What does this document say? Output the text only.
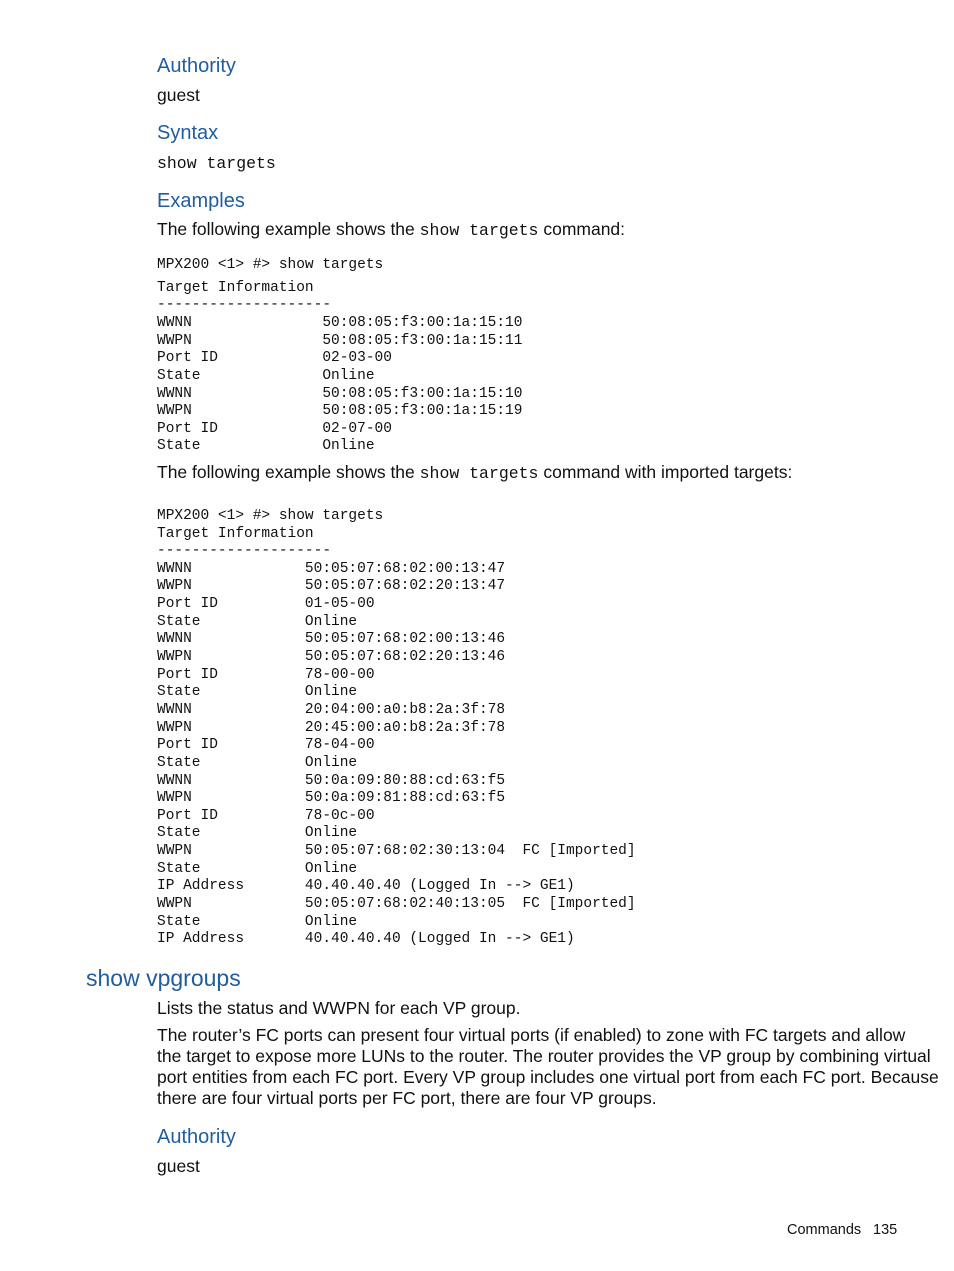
Authority
guest
Syntax
show targets
Examples
The following example shows the show targets command:
MPX200 <1> #> show targets
Target Information
--------------------
WWNN               50:08:05:f3:00:1a:15:10
WWPN               50:08:05:f3:00:1a:15:11
Port ID            02-03-00
State              Online
WWNN               50:08:05:f3:00:1a:15:10
WWPN               50:08:05:f3:00:1a:15:19
Port ID            02-07-00
State              Online
The following example shows the show targets command with imported targets:
MPX200 <1> #> show targets
Target Information
--------------------
WWNN             50:05:07:68:02:00:13:47
WWPN             50:05:07:68:02:20:13:47
Port ID          01-05-00
State            Online
WWNN             50:05:07:68:02:00:13:46
WWPN             50:05:07:68:02:20:13:46
Port ID          78-00-00
State            Online
WWNN             20:04:00:a0:b8:2a:3f:78
WWPN             20:45:00:a0:b8:2a:3f:78
Port ID          78-04-00
State            Online
WWNN             50:0a:09:80:88:cd:63:f5
WWPN             50:0a:09:81:88:cd:63:f5
Port ID          78-0c-00
State            Online
WWPN             50:05:07:68:02:30:13:04  FC [Imported]
State            Online
IP Address       40.40.40.40 (Logged In --> GE1)
WWPN             50:05:07:68:02:40:13:05  FC [Imported]
State            Online
IP Address       40.40.40.40 (Logged In --> GE1)
show vpgroups
Lists the status and WWPN for each VP group.
The router’s FC ports can present four virtual ports (if enabled) to zone with FC targets and allow
the target to expose more LUNs to the router. The router provides the VP group by combining virtual
port entities from each FC port. Every VP group includes one virtual port from each FC port. Because
there are four virtual ports per FC port, there are four VP groups.
Authority
guest
Commands 135
